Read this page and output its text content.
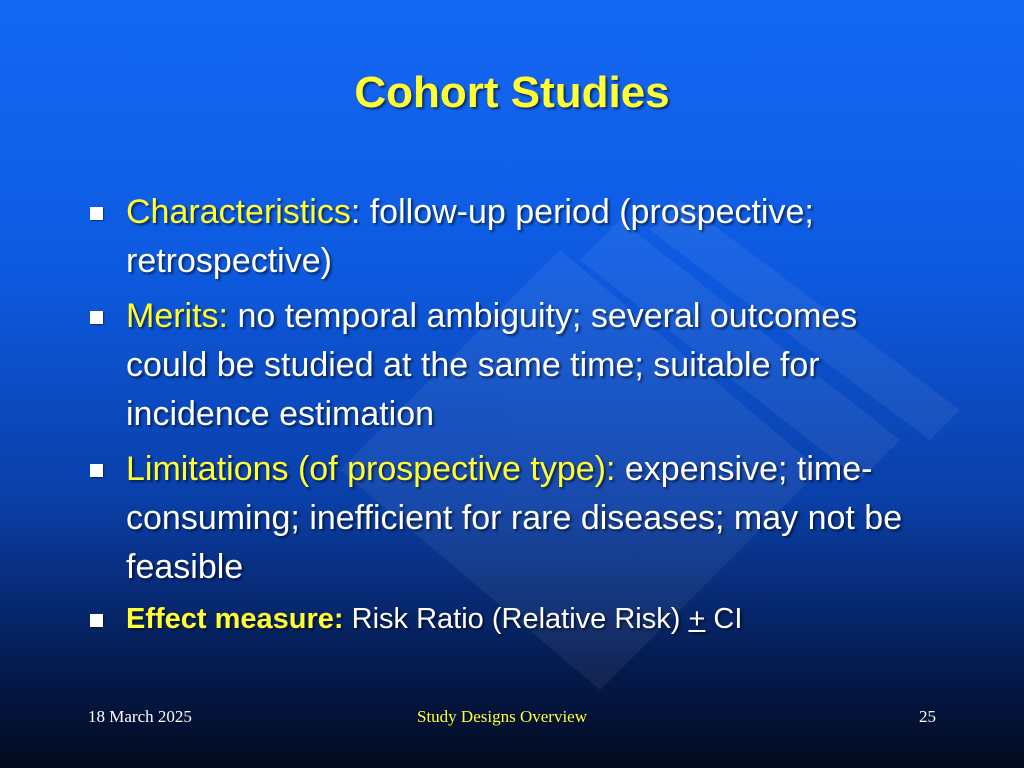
Cohort Studies
Characteristics: follow-up period (prospective; retrospective)
Merits: no temporal ambiguity; several outcomes could be studied at the same time; suitable for incidence estimation
Limitations (of prospective type): expensive; time-consuming; inefficient for rare diseases; may not be feasible
Effect measure: Risk Ratio (Relative Risk) + CI
18 March 2025	Study Designs Overview	25
